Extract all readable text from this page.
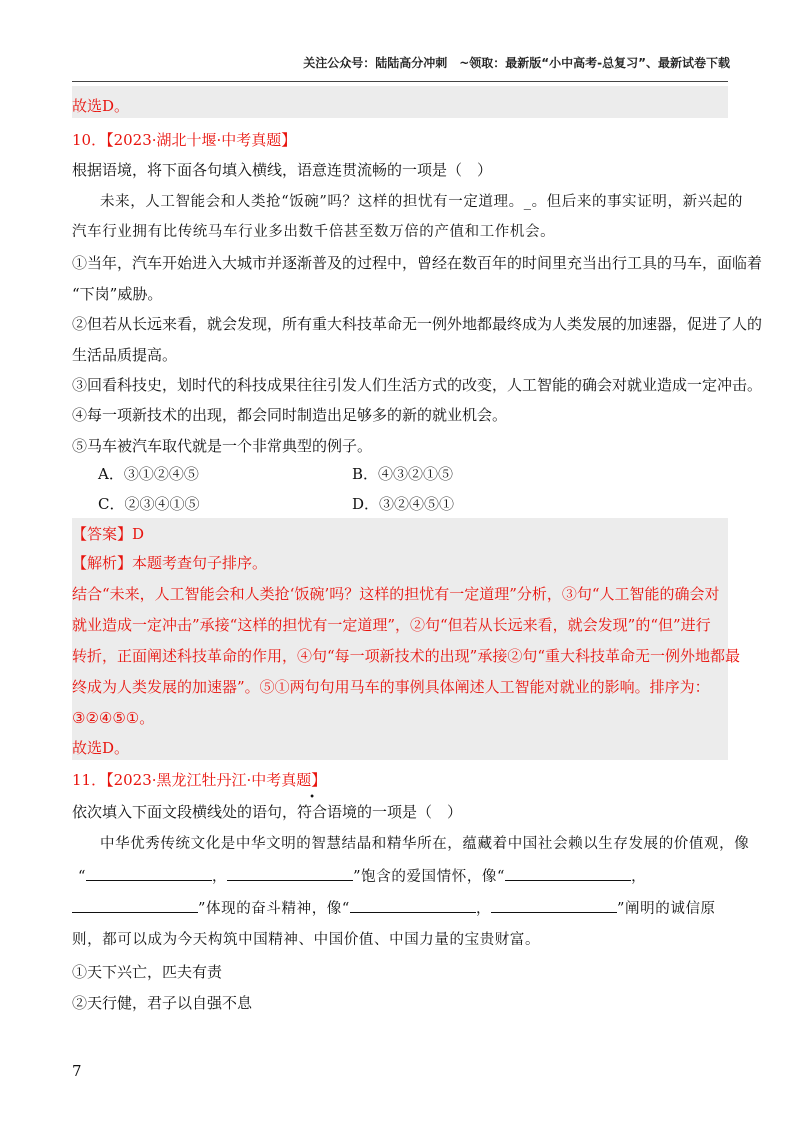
关注公众号：陆陆高分冲刺　~领取：最新版“小中高考-总复习”、最新试卷下载
故选D。
10．【2023·湖北十堰·中考真题】
根据语境，将下面各句填入横线，语意连贯流畅的一项是（　）
未来，人工智能会和人类抢“饭碗”吗？这样的担忧有一定道理。_。但后来的事实证明，新兴起的
汽车行业拥有比传统马车行业多出数千倍甚至数万倍的产值和工作机会。
①当年，汽车开始进入大城市并逐渐普及的过程中，曾经在数百年的时间里充当出行工具的马车，面临着
“下岗”威胁。
②但若从长远来看，就会发现，所有重大科技革命无一例外地都最终成为人类发展的加速器，促进了人的
生活品质提高。
③回看科技史，划时代的科技成果往往引发人们生活方式的改变，人工智能的确会对就业造成一定冲击。
④每一项新技术的出现，都会同时制造出足够多的新的就业机会。
⑤马车被汽车取代就是一个非常典型的例子。
A．③①②④⑤	B．④③②①⑤
C．②③④①⑤	D．③②④⑤①
【答案】D
【解析】本题考查句子排序。
结合“未来，人工智能会和人类抢‘饭碗’吗？这样的担忧有一定道理”分析，③句“人工智能的确会对
就业造成一定冲击”承接“这样的担忧有一定道理”，②句“但若从长远来看，就会发现”的“但”进行
转折，正面阐述科技革命的作用，④句“每一项新技术的出现”承接②句“重大科技革命无一例外地都最
终成为人类发展的加速器”。⑤①两句句用马车的事例具体阐述人工智能对就业的影响。排序为：
③②④⑤①。
故选D。
11．【2023·黑龙江牡丹江·中考真题】
依次填入下面文段横线处的语句，符合语境的一项是（　）
中华优秀传统文化是中华文明的智慧结晶和精华所在，蕴藏着中国社会赖以生存发展的价值观，像
“	，	”饱含的爱国情怀，像“	，
”体现的奋斗精神，像“	，	”阐明的诚信原
则，都可以成为今天构筑中国精神、中国价值、中国力量的宝贵财富。
①天下兴亡，匹夫有责
②天行健，君子以自强不息
7
